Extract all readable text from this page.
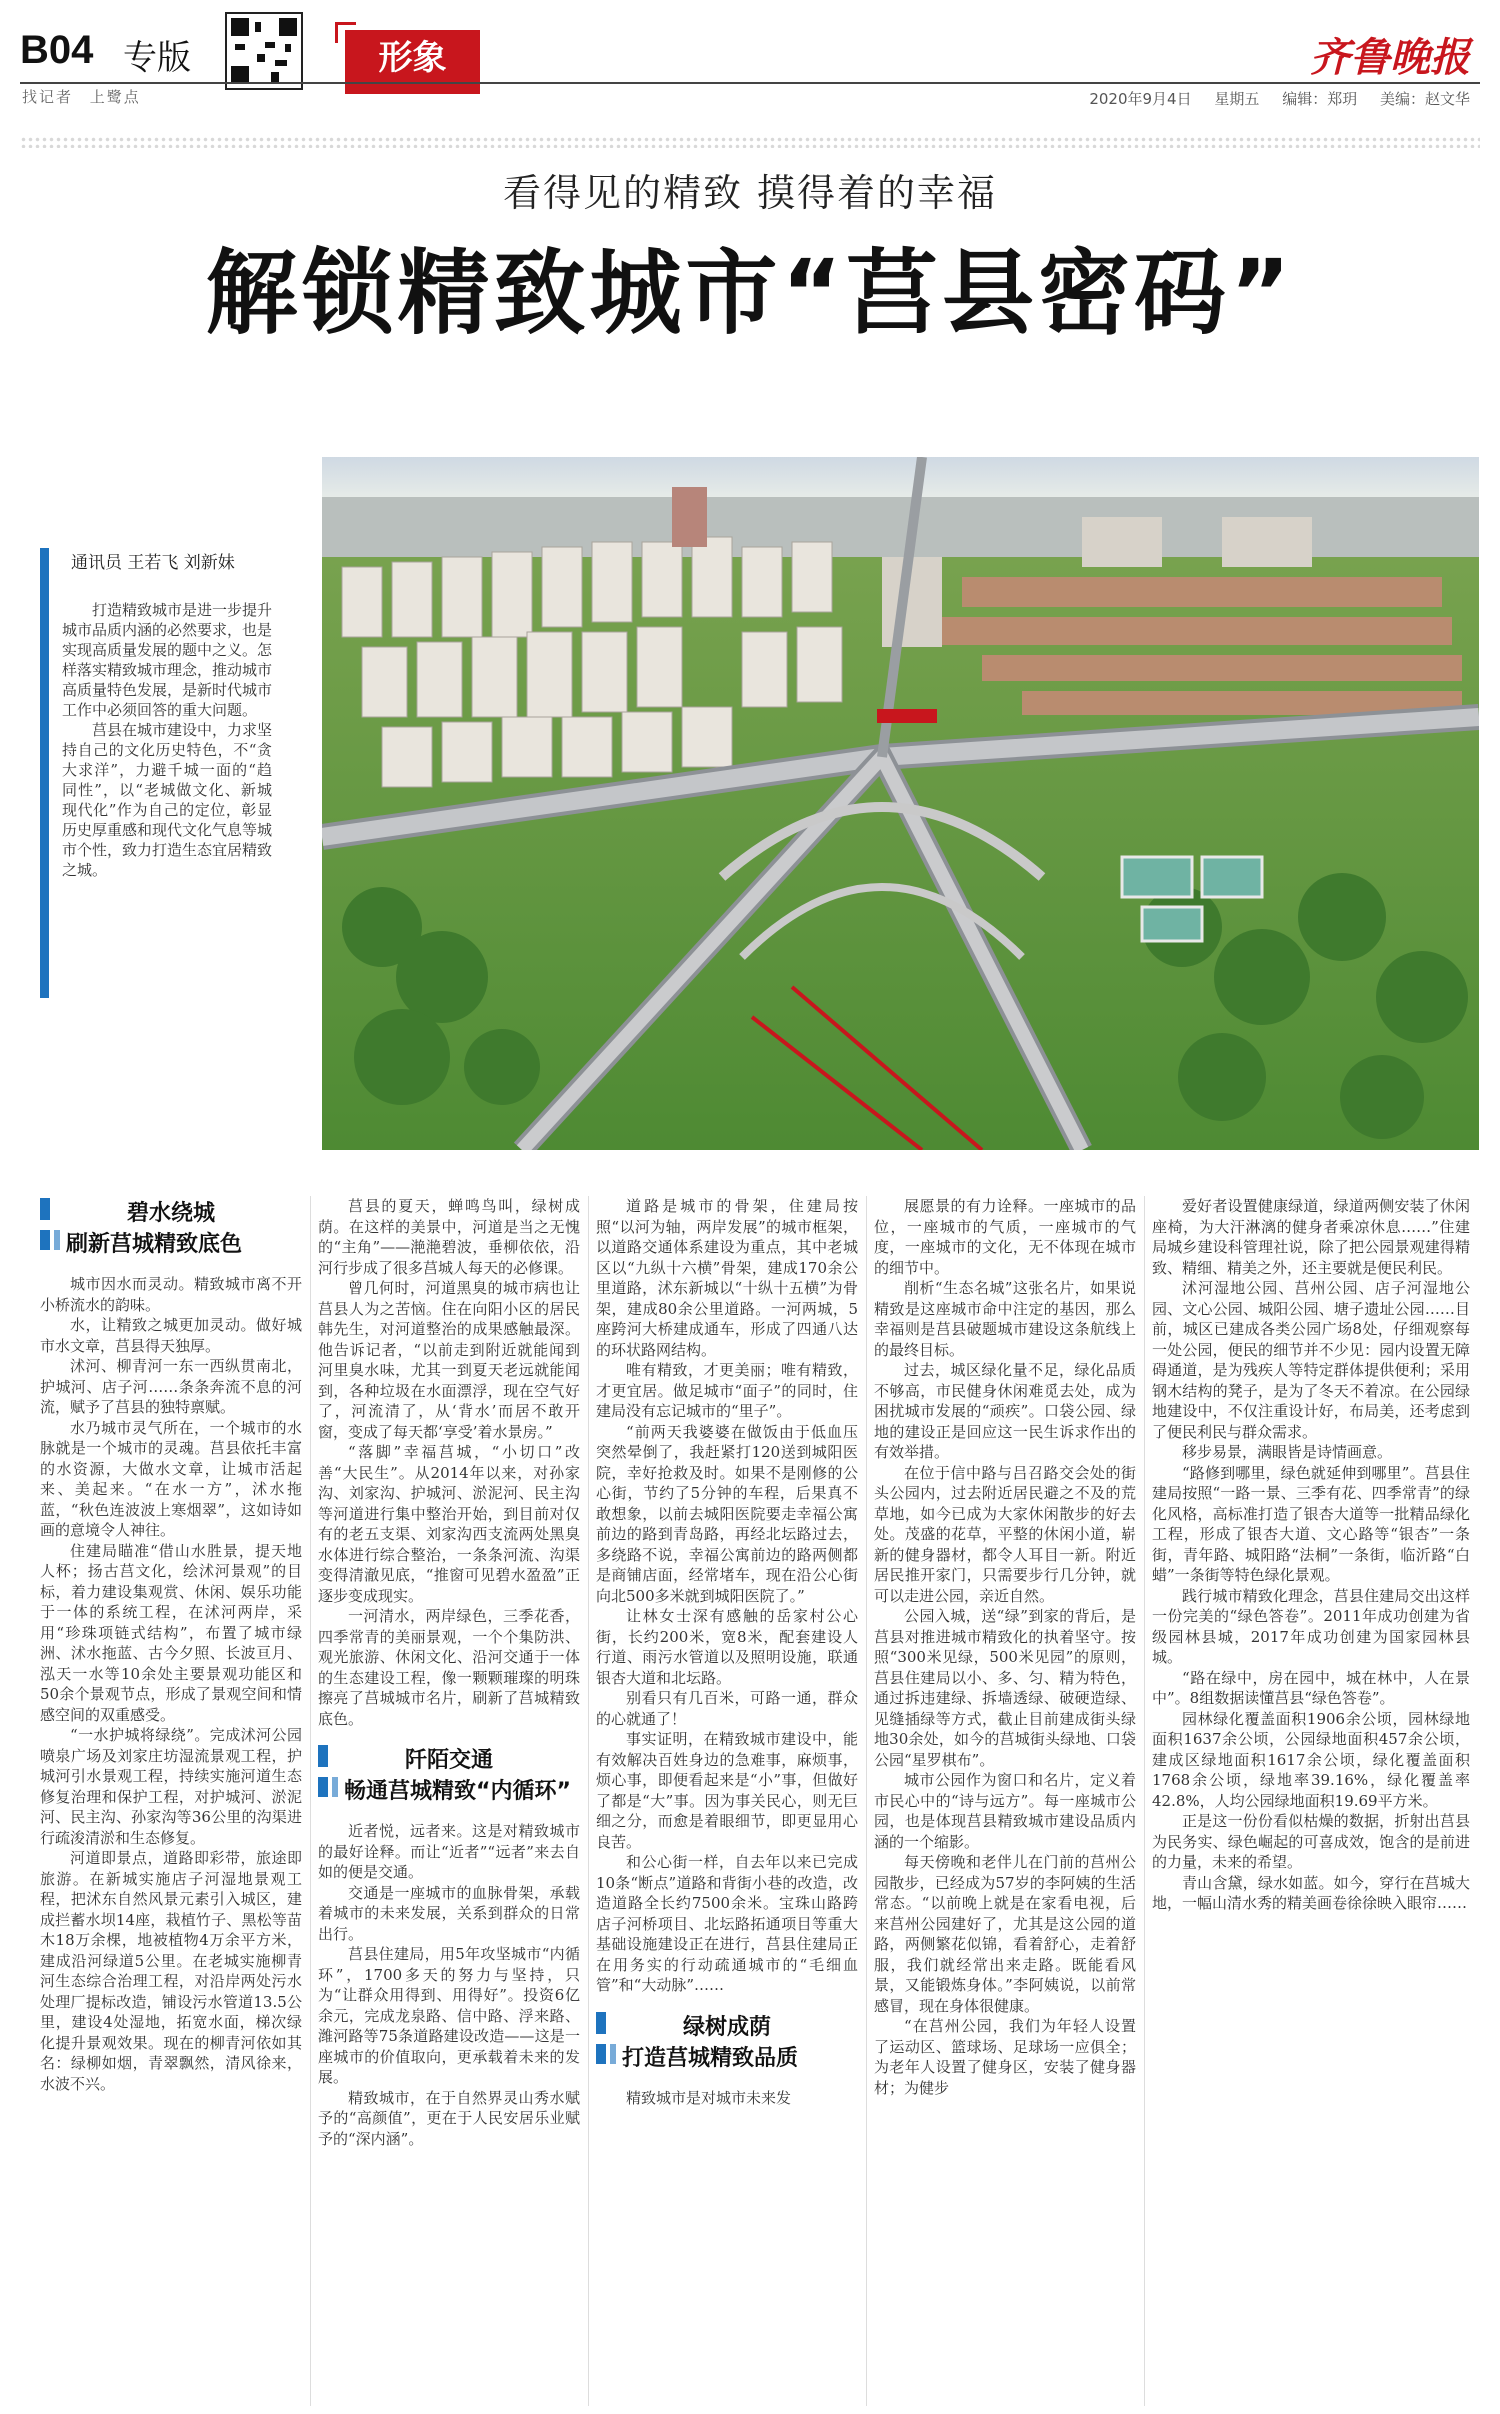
B04 专版
找记者 上鹭点
形象	齐鲁晚报
2020年9月4日 星期五 编辑：郑玥 美编：赵文华
看得见的精致 摸得着的幸福
解锁精致城市“莒县密码”
通讯员 王若飞 刘新妹

打造精致城市是进一步提升城市品质内涵的必然要求，也是实现高质量发展的题中之义。怎样落实精致城市理念，推动城市高质量特色发展，是新时代城市工作中必须回答的重大问题。

莒县在城市建设中，力求坚持自己的文化历史特色，不“贪大求洋”，力避千城一面的“趋同性”，以“老城做文化、新城现代化”作为自己的定位，彰显历史厚重感和现代文化气息等城市个性，致力打造生态宜居精致之城。

碧水绕城
刷新莒城精致底色

城市因水而灵动。精致城市离不开小桥流水的韵味。

水，让精致之城更加灵动。做好城市水文章，莒县得天独厚。

沭河、柳青河一东一西纵贯南北，护城河、店子河……条条奔流不息的河流，赋予了莒县的独特禀赋。

水乃城市灵气所在，一个城市的水脉就是一个城市的灵魂。莒县依托丰富的水资源，大做水文章，让城市活起来、美起来。“在水一方”，沭水拖蓝，“秋色连波波上寒烟翠”，这如诗如画的意境令人神往。

住建局瞄准“借山水胜景，提天地人杯；扬古莒文化，绘沭河景观”的目标，着力建设集观赏、休闲、娱乐功能于一体的系统工程，在沭河两岸，采用“珍珠项链式结构”，布置了城市绿洲、沭水拖蓝、古今夕照、长波亘月、泓天一水等10余处主要景观功能区和50余个景观节点，形成了景观空间和情感空间的双重感受。

“一水护城将绿绕”。完成沭河公园喷泉广场及刘家庄坊湿流景观工程，护城河引水景观工程，持续实施河道生态修复治理和保护工程，对护城河、淤泥河、民主沟、孙家沟等36公里的沟渠进行疏浚清淤和生态修复。

河道即景点，道路即彩带，旅途即旅游。在新城实施店子河湿地景观工程，把沭东自然风景元素引入城区，建成拦蓄水坝14座，栽植竹子、黑松等苗木18万余棵，地被植物4万余平方米，建成沿河绿道5公里。在老城实施柳青河生态综合治理工程，对沿岸两处污水处理厂提标改造，铺设污水管道13.5公里，建设4处湿地，拓宽水面，梯次绿化提升景观效果。现在的柳青河依如其名：绿柳如烟，青翠飘然，清风徐来，水波不兴。

莒县的夏天，蝉鸣鸟叫，绿树成荫。在这样的美景中，河道是当之无愧的“主角”——滟滟碧波，垂柳依依，沿河行步成了很多莒城人每天的必修课。

曾几何时，河道黑臭的城市病也让莒县人为之苦恼。住在向阳小区的居民韩先生，对河道整治的成果感触最深。他告诉记者，“以前走到附近就能闻到河里臭水味，尤其一到夏天老远就能闻到，各种垃圾在水面漂浮，现在空气好了，河流清了，从‘背水’而居不敢开窗，变成了每天都‘享受’着水景房。”

“落脚”幸福莒城，“小切口”改善“大民生”。从2014年以来，对孙家沟、刘家沟、护城河、淤泥河、民主沟等河道进行集中整治开始，到目前对仅有的老五支渠、刘家沟西支流两处黑臭水体进行综合整治，一条条河流、沟渠变得清澈见底，“推窗可见碧水盈盈”正逐步变成现实。

一河清水，两岸绿色，三季花香，四季常青的美丽景观，一个个集防洪、观光旅游、休闲文化、沿河交通于一体的生态建设工程，像一颗颗璀璨的明珠擦亮了莒城城市名片，刷新了莒城精致底色。

阡陌交通
畅通莒城精致“内循环”

近者悦，远者来。这是对精致城市的最好诠释。而让“近者”“远者”来去自如的便是交通。

交通是一座城市的血脉骨架，承载着城市的未来发展，关系到群众的日常出行。

莒县住建局，用5年攻坚城市“内循环”，1700多天的努力与坚持，只为“让群众用得到、用得好”。投资6亿余元，完成龙泉路、信中路、浮来路、潍河路等75条道路建设改造——这是一座城市的价值取向，更承载着未来的发展。

精致城市，在于自然界灵山秀水赋予的“高颜值”，更在于人民安居乐业赋予的“深内涵”。

道路是城市的骨架，住建局按照“以河为轴，两岸发展”的城市框架，以道路交通体系建设为重点，其中老城区以“九纵十六横”骨架，建成170余公里道路，沭东新城以“十纵十五横”为骨架，建成80余公里道路。一河两城，5座跨河大桥建成通车，形成了四通八达的环状路网结构。

唯有精致，才更美丽；唯有精致，才更宜居。做足城市“面子”的同时，住建局没有忘记城市的“里子”。

“前两天我婆婆在做饭由于低血压突然晕倒了，我赶紧打120送到城阳医院，幸好抢救及时。如果不是刚修的公心街，节约了5分钟的车程，后果真不敢想象，以前去城阳医院要走幸福公寓前边的路到青岛路，再经北坛路过去，多绕路不说，幸福公寓前边的路两侧都是商铺店面，经常堵车，现在沿公心街向北500多米就到城阳医院了。”

让林女士深有感触的岳家村公心街，长约200米，宽8米，配套建设人行道、雨污水管道以及照明设施，联通银杏大道和北坛路。

别看只有几百米，可路一通，群众的心就通了！

事实证明，在精致城市建设中，能有效解决百姓身边的急难事，麻烦事，烦心事，即便看起来是“小”事，但做好了都是“大”事。因为事关民心，则无巨细之分，而愈是着眼细节，即更显用心良苦。

和公心街一样，自去年以来已完成10条“断点”道路和背街小巷的改造，改造道路全长约7500余米。宝珠山路跨店子河桥项目、北坛路拓通项目等重大基础设施建设正在进行，莒县住建局正在用务实的行动疏通城市的“毛细血管”和“大动脉”……

绿树成荫
打造莒城精致品质

精致城市是对城市未来发

展愿景的有力诠释。一座城市的品位，一座城市的气质，一座城市的气度，一座城市的文化，无不体现在城市的细节中。

削析“生态名城”这张名片，如果说精致是这座城市命中注定的基因，那么幸福则是莒县破题城市建设这条航线上的最终目标。

过去，城区绿化量不足，绿化品质不够高，市民健身休闲难觅去处，成为困扰城市发展的“顽疾”。口袋公园、绿地的建设正是回应这一民生诉求作出的有效举措。

在位于信中路与吕召路交会处的街头公园内，过去附近居民避之不及的荒草地，如今已成为大家休闲散步的好去处。茂盛的花草，平整的休闲小道，崭新的健身器材，都令人耳目一新。附近居民推开家门，只需要步行几分钟，就可以走进公园，亲近自然。

公园入城，送“绿”到家的背后，是莒县对推进城市精致化的执着坚守。按照“300米见绿，500米见园”的原则，莒县住建局以小、多、匀、精为特色，通过拆违建绿、拆墙透绿、破硬造绿、见缝插绿等方式，截止目前建成街头绿地30余处，如今的莒城街头绿地、口袋公园“星罗棋布”。

城市公园作为窗口和名片，定义着市民心中的“诗与远方”。每一座城市公园，也是体现莒县精致城市建设品质内涵的一个缩影。

每天傍晚和老伴儿在门前的莒州公园散步，已经成为57岁的李阿姨的生活常态。“以前晚上就是在家看电视，后来莒州公园建好了，尤其是这公园的道路，两侧繁花似锦，看着舒心，走着舒服，我们就经常出来走路。既能看风景，又能锻炼身体。”李阿姨说，以前常感冒，现在身体很健康。

“在莒州公园，我们为年轻人设置了运动区、篮球场、足球场一应俱全；为老年人设置了健身区，安装了健身器材；为健步

爱好者设置健康绿道，绿道两侧安装了休闲座椅，为大汗淋漓的健身者乘凉休息……”住建局城乡建设科管理社说，除了把公园景观建得精致、精细、精美之外，还主要就是便民利民。

沭河湿地公园、莒州公园、店子河湿地公园、文心公园、城阳公园、塘子遗址公园……目前，城区已建成各类公园广场8处，仔细观察每一处公园，便民的细节并不少见：园内设置无障碍通道，是为残疾人等特定群体提供便利；采用钢木结构的凳子，是为了冬天不着凉。在公园绿地建设中，不仅注重设计好，布局美，还考虑到了便民利民与群众需求。

移步易景，满眼皆是诗情画意。

“路修到哪里，绿色就延伸到哪里”。莒县住建局按照“一路一景、三季有花、四季常青”的绿化风格，高标准打造了银杏大道等一批精品绿化工程，形成了银杏大道、文心路等“银杏”一条街，青年路、城阳路“法桐”一条街，临沂路“白蜡”一条街等特色绿化景观。

践行城市精致化理念，莒县住建局交出这样一份完美的“绿色答卷”。2011年成功创建为省级园林县城，2017年成功创建为国家园林县城。

“路在绿中，房在园中，城在林中，人在景中”。8组数据读懂莒县“绿色答卷”。

园林绿化覆盖面积1906余公顷，园林绿地面积1637余公顷，公园绿地面积457余公顷，建成区绿地面积1617余公顷，绿化覆盖面积1768余公顷，绿地率39.16%，绿化覆盖率42.8%，人均公园绿地面积19.69平方米。

正是这一份份看似枯燥的数据，折射出莒县为民务实、绿色崛起的可喜成效，饱含的是前进的力量，未来的希望。

青山含黛，绿水如蓝。如今，穿行在莒城大地，一幅山清水秀的精美画卷徐徐映入眼帘……
